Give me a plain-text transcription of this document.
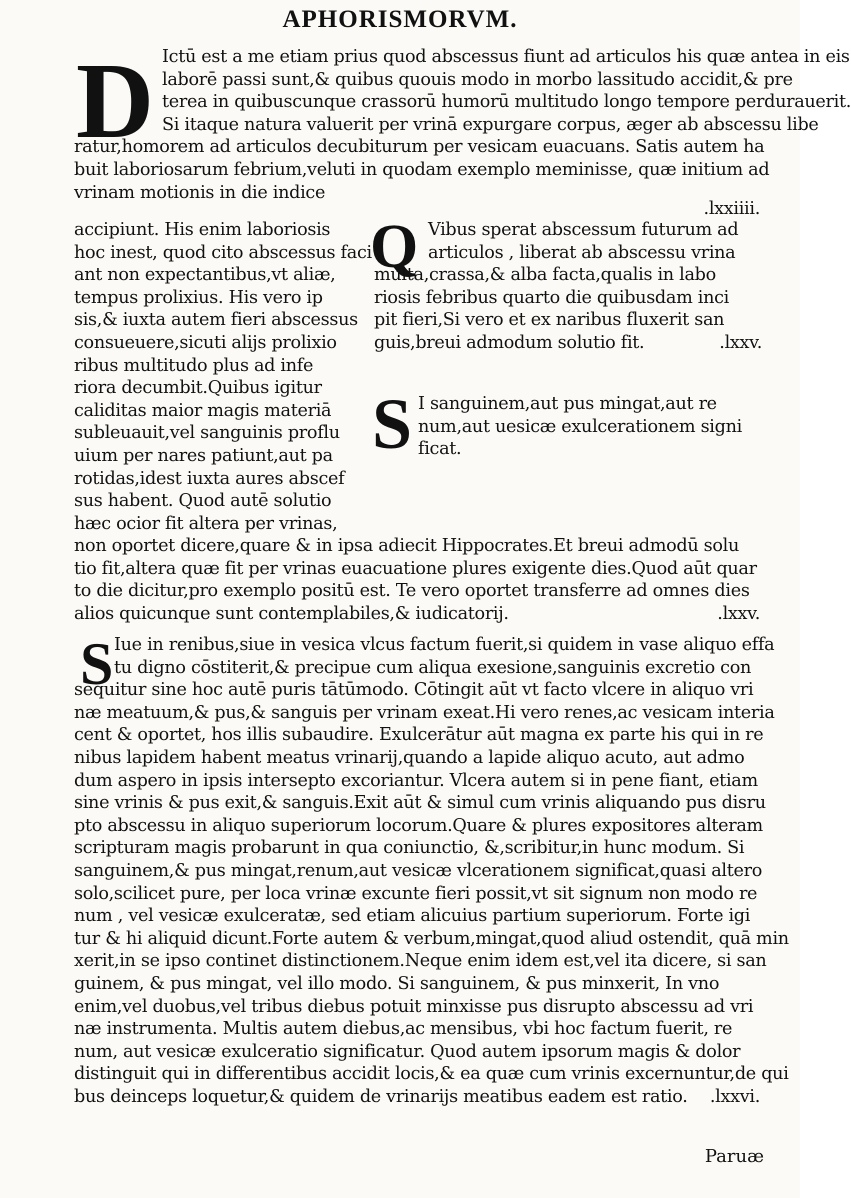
APHORISMORVM.
D Ictū est a me etiam prius quod abscessus fiunt ad articulos his quæ antea in eis
laborē passi sunt,& quibus quouis modo in morbo lassitudo accidit,& pre
terea in quibuscunque crassorū humorū multitudo longo tempore perdurauerit.
Si itaque natura valuerit per vrinā expurgare corpus, æger ab abscessu libe
ratur,homorem ad articulos decubiturum per vesicam euacuans. Satis autem ha
buit laboriosarum febrium,veluti in quodam exemplo meminisse, quæ initium ad
vrinam motionis in die indice
.lxxiiii.
accipiunt. His enim laboriosis
hoc inest, quod cito abscessus faci
ant non expectantibus,vt aliæ,
tempus prolixius. His vero ip
sis,& iuxta autem fieri abscessus
consueuere,sicuti alijs prolixio
ribus multitudo plus ad infe
riora decumbit.Quibus igitur
caliditas maior magis materiā
subleuauit,vel sanguinis proflu
uium per nares patiunt,aut pa
rotidas,idest iuxta aures abscef
sus habent. Quod autē solutio
hæc ocior fit altera per vrinas,
Q Vibus sperat abscessum futurum ad
articulos , liberat ab abscessu vrina
multa,crassa,& alba facta,qualis in labo
riosis febribus quarto die quibusdam inci
pit fieri,Si vero et ex naribus fluxerit san
guis,breui admodum solutio fit.	.lxxv.
S I sanguinem,aut pus mingat,aut re
num,aut uesicæ exulcerationem signi
ficat.
non oportet dicere,quare & in ipsa adiecit Hippocrates.Et breui admodū solu
tio fit,altera quæ fit per vrinas euacuatione plures exigente dies.Quod aūt quar
to die dicitur,pro exemplo positū est. Te vero oportet transferre ad omnes dies
alios quicunque sunt contemplabiles,& iudicatorij.	.lxxv.
S Iue in renibus,siue in vesica vlcus factum fuerit,si quidem in vase aliquo effa
tu digno cōstiterit,& precipue cum aliqua exesione,sanguinis excretio con
sequitur sine hoc autē puris tātūmodo. Cōtingit aūt vt facto vlcere in aliquo vri
næ meatuum,& pus,& sanguis per vrinam exeat.Hi vero renes,ac vesicam interia
cent & oportet, hos illis subaudire. Exulcerātur aūt magna ex parte his qui in re
nibus lapidem habent meatus vrinarij,quando a lapide aliquo acuto, aut admo
dum aspero in ipsis intersepto excoriantur. Vlcera autem si in pene fiant, etiam
sine vrinis & pus exit,& sanguis.Exit aūt & simul cum vrinis aliquando pus disru
pto abscessu in aliquo superiorum locorum.Quare & plures expositores alteram
scripturam magis probarunt in qua coniunctio, &,scribitur,in hunc modum. Si
sanguinem,& pus mingat,renum,aut vesicæ vlcerationem significat,quasi altero
solo,scilicet pure, per loca vrinæ excunte fieri possit,vt sit signum non modo re
num , vel vesicæ exulceratæ, sed etiam alicuius partium superiorum. Forte igi
tur & hi aliquid dicunt.Forte autem & verbum,mingat,quod aliud ostendit, quā min
xerit,in se ipso continet distinctionem.Neque enim idem est,vel ita dicere, si san
guinem, & pus mingat, vel illo modo. Si sanguinem, & pus minxerit, In vno
enim,vel duobus,vel tribus diebus potuit minxisse pus disrupto abscessu ad vri
næ instrumenta. Multis autem diebus,ac mensibus, vbi hoc factum fuerit, re
num, aut vesicæ exulceratio significatur. Quod autem ipsorum magis & dolor
distinguit qui in differentibus accidit locis,& ea quæ cum vrinis excernuntur,de qui
bus deinceps loquetur,& quidem de vrinarijs meatibus eadem est ratio. .lxxvi.
Paruæ
